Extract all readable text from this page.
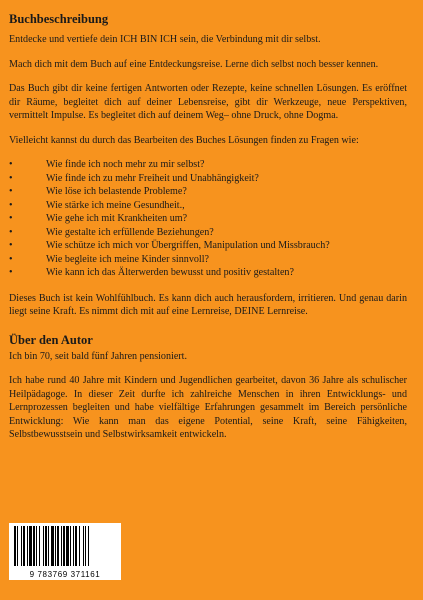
Buchbeschreibung

Entdecke und vertiefe dein ICH BIN ICH sein, die Verbindung mit dir selbst.

Mach dich mit dem Buch auf eine Entdeckungsreise. Lerne dich selbst noch besser kennen.

Das Buch gibt dir keine fertigen Antworten oder Rezepte, keine schnellen Lösungen. Es eröffnet dir Räume, begleitet dich auf deiner Lebensreise, gibt dir Werkzeuge, neue Perspektiven, vermittelt Impulse. Es begleitet dich auf deinem Weg– ohne Druck, ohne Dogma.

Vielleicht kannst du durch das Bearbeiten des Buches Lösungen finden zu Fragen wie:

•	Wie finde ich noch mehr zu mir selbst?
•	Wie finde ich zu mehr Freiheit und Unabhängigkeit?
•	Wie löse ich belastende Probleme?
•	Wie stärke ich meine Gesundheit.,
•	Wie gehe ich mit Krankheiten um?
•	Wie gestalte ich erfüllende Beziehungen?
•	Wie schütze ich mich vor Übergriffen, Manipulation und Missbrauch?
•	Wie begleite ich meine Kinder sinnvoll?
•	Wie kann ich das Älterwerden bewusst und positiv gestalten?

Dieses Buch ist kein Wohlfühlbuch. Es kann dich auch herausfordern, irritieren. Und genau darin liegt seine Kraft. Es nimmt dich mit auf eine Lernreise, DEINE Lernreise.

Über den Autor

Ich bin 70, seit bald fünf Jahren pensioniert.

Ich habe rund 40 Jahre mit Kindern und Jugendlichen gearbeitet, davon 36 Jahre als schulischer Heilpädagoge. In dieser Zeit durfte ich zahlreiche Menschen in ihren Entwicklungs- und Lernprozessen begleiten und habe vielfältige Erfahrungen gesammelt im Bereich persönliche Entwicklung: Wie kann man das eigene Potential, seine Kraft, seine Fähigkeiten, Selbstbewusstsein und Selbstwirksamkeit entwickeln.

9 783769 371161
